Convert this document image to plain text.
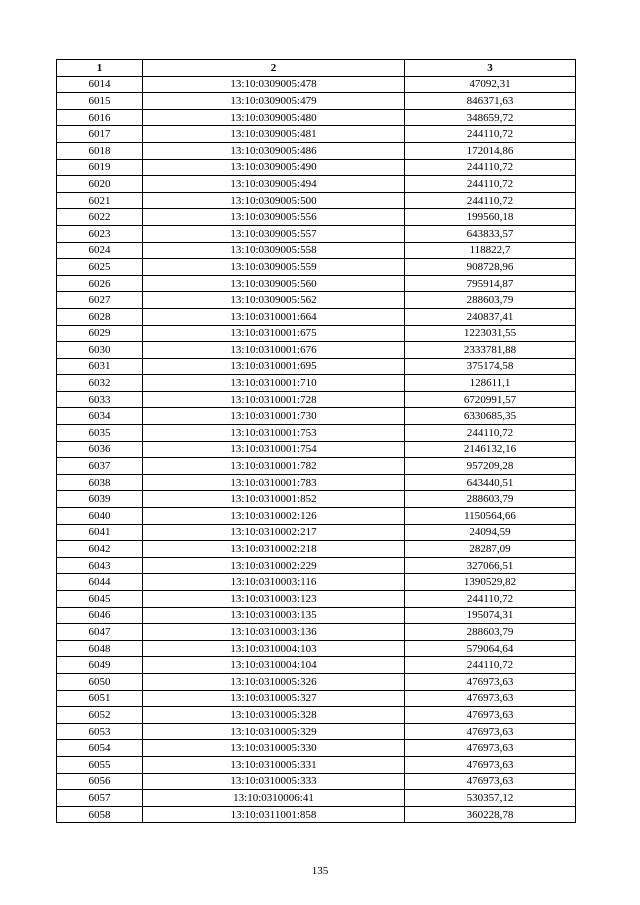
1	2	3
6014	13:10:0309005:478	47092,31
6015	13:10:0309005:479	846371,63
6016	13:10:0309005:480	348659,72
6017	13:10:0309005:481	244110,72
6018	13:10:0309005:486	172014,86
6019	13:10:0309005:490	244110,72
6020	13:10:0309005:494	244110,72
6021	13:10:0309005:500	244110,72
6022	13:10:0309005:556	199560,18
6023	13:10:0309005:557	643833,57
6024	13:10:0309005:558	118822,7
6025	13:10:0309005:559	908728,96
6026	13:10:0309005:560	795914,87
6027	13:10:0309005:562	288603,79
6028	13:10:0310001:664	240837,41
6029	13:10:0310001:675	1223031,55
6030	13:10:0310001:676	2333781,88
6031	13:10:0310001:695	375174,58
6032	13:10:0310001:710	128611,1
6033	13:10:0310001:728	6720991,57
6034	13:10:0310001:730	6330685,35
6035	13:10:0310001:753	244110,72
6036	13:10:0310001:754	2146132,16
6037	13:10:0310001:782	957209,28
6038	13:10:0310001:783	643440,51
6039	13:10:0310001:852	288603,79
6040	13:10:0310002:126	1150564,66
6041	13:10:0310002:217	24094,59
6042	13:10:0310002:218	28287,09
6043	13:10:0310002:229	327066,51
6044	13:10:0310003:116	1390529,82
6045	13:10:0310003:123	244110,72
6046	13:10:0310003:135	195074,31
6047	13:10:0310003:136	288603,79
6048	13:10:0310004:103	579064,64
6049	13:10:0310004:104	244110,72
6050	13:10:0310005:326	476973,63
6051	13:10:0310005:327	476973,63
6052	13:10:0310005:328	476973,63
6053	13:10:0310005:329	476973,63
6054	13:10:0310005:330	476973,63
6055	13:10:0310005:331	476973,63
6056	13:10:0310005:333	476973,63
6057	13:10:0310006:41	530357,12
6058	13:10:0311001:858	360228,78
135
